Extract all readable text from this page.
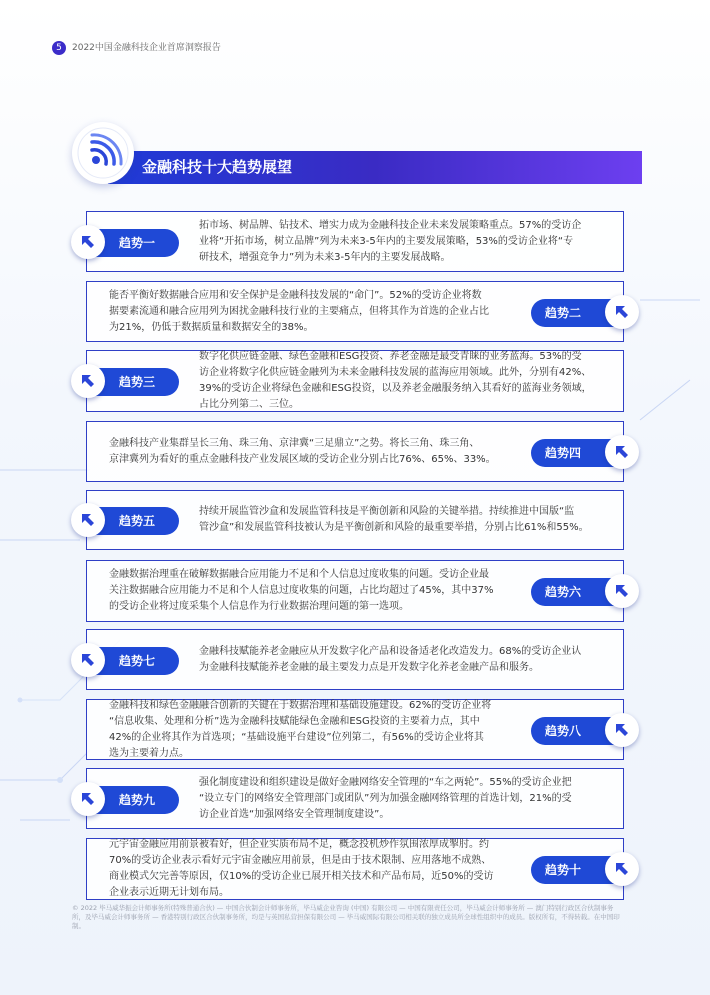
5	2022中国金融科技企业首席洞察报告
金融科技十大趋势展望
拓市场、树品牌、钻技术、增实力成为金融科技企业未来发展策略重点。57%的受访企
业将“开拓市场，树立品牌”列为未来3-5年内的主要发展策略，53%的受访企业将“专
研技术，增强竞争力”列为未来3-5年内的主要发展战略。
趋势一
能否平衡好数据融合应用和安全保护是金融科技发展的“命门”。52%的受访企业将数
据要素流通和融合应用列为困扰金融科技行业的主要痛点，但将其作为首选的企业占比
为21%，仍低于数据质量和数据安全的38%。
趋势二
数字化供应链金融、绿色金融和ESG投资、养老金融是最受青睐的业务蓝海。53%的受
访企业将数字化供应链金融列为未来金融科技发展的蓝海应用领域。此外，分别有42%、
39%的受访企业将绿色金融和ESG投资，以及养老金融服务纳入其看好的蓝海业务领域，
占比分列第二、三位。
趋势三
金融科技产业集群呈长三角、珠三角、京津冀“三足鼎立”之势。将长三角、珠三角、
京津冀列为看好的重点金融科技产业发展区域的受访企业分别占比76%、65%、33%。	趋势四
持续开展监管沙盒和发展监管科技是平衡创新和风险的关键举措。持续推进中国版“监
管沙盒”和发展监管科技被认为是平衡创新和风险的最重要举措，分别占比61%和55%。
趋势五
金融数据治理重在破解数据融合应用能力不足和个人信息过度收集的问题。受访企业最
关注数据融合应用能力不足和个人信息过度收集的问题，占比均超过了45%，其中37%
的受访企业将过度采集个人信息作为行业数据治理问题的第一选项。
趋势六
金融科技赋能养老金融应从开发数字化产品和设备适老化改造发力。68%的受访企业认
为金融科技赋能养老金融的最主要发力点是开发数字化养老金融产品和服务。
趋势七
金融科技和绿色金融融合创新的关键在于数据治理和基础设施建设。62%的受访企业将
“信息收集、处理和分析”选为金融科技赋能绿色金融和ESG投资的主要着力点，其中
42%的企业将其作为首选项；“基础设施平台建设”位列第二，有56%的受访企业将其
选为主要着力点。
趋势八
强化制度建设和组织建设是做好金融网络安全管理的“车之两轮”。55%的受访企业把
“设立专门的网络安全管理部门或团队”列为加强金融网络管理的首选计划，21%的受
访企业首选“加强网络安全管理制度建设”。
趋势九
元宇宙金融应用前景被看好，但企业实质布局不足，概念投机炒作氛围浓厚成掣肘。约
70%的受访企业表示看好元宇宙金融应用前景，但是由于技术限制、应用落地不成熟、
商业模式欠完善等原因，仅10%的受访企业已展开相关技术和产品布局，近50%的受访
企业表示近期无计划布局。
趋势十
© 2022 毕马威华振会计师事务所(特殊普通合伙) — 中国合伙制会计师事务所，毕马威企业咨询 (中国) 有限公司 — 中国有限责任公司，毕马威会计师事务所 — 澳门特别行政区合伙制事务所，及毕马威会计师事务所 — 香港特别行政区合伙制事务所，均是与英国私营担保有限公司 — 毕马威国际有限公司相关联的独立成员所全球性组织中的成员。版权所有，不得转载。在中国印制。
